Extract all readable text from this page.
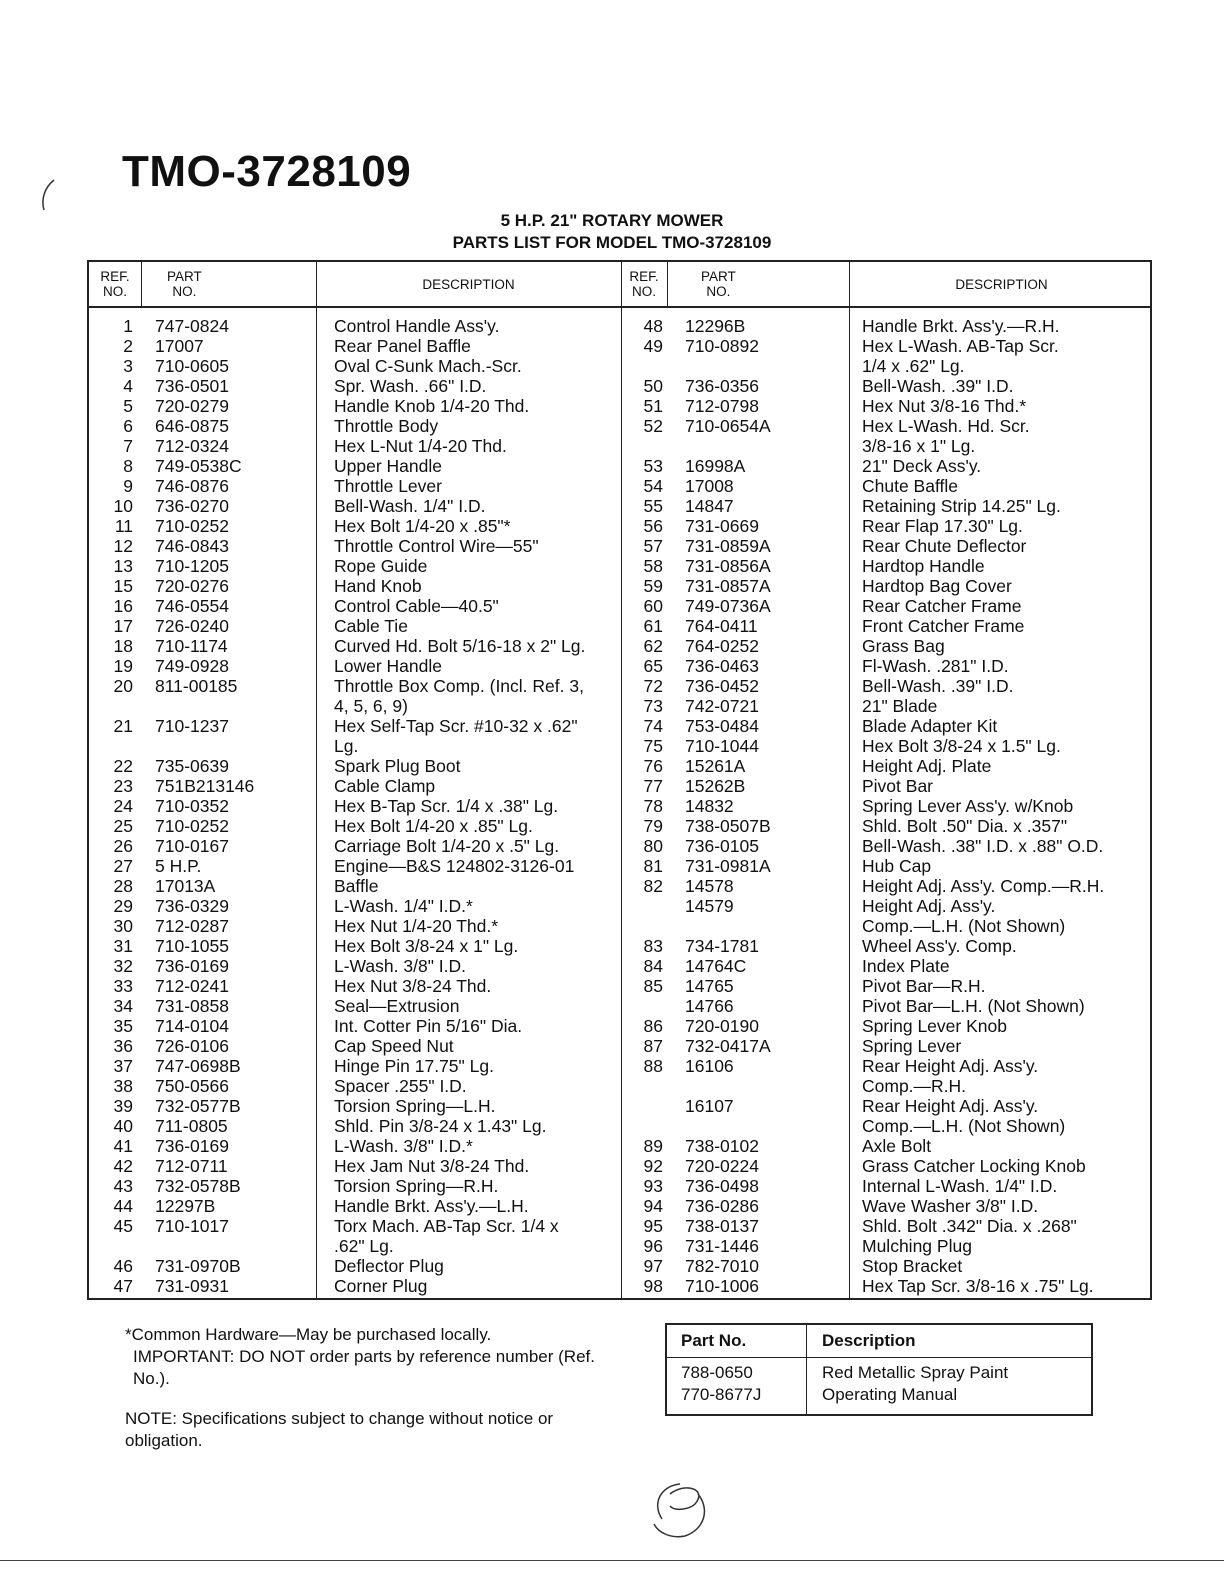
TMO-3728109
5 H.P. 21" ROTARY MOWER
PARTS LIST FOR MODEL TMO-3728109
REF.
NO.
PART
NO.	DESCRIPTION	REF.
NO.
PART
NO.	DESCRIPTION
1 747-0824	Control Handle Ass'y.
2 17007	Rear Panel Baffle
3 710-0605	Oval C-Sunk Mach.-Scr.
4 736-0501	Spr. Wash. .66" I.D.
5 720-0279	Handle Knob 1/4-20 Thd.
6 646-0875	Throttle Body
7 712-0324	Hex L-Nut 1/4-20 Thd.
8 749-0538C	Upper Handle
9 746-0876	Throttle Lever
10 736-0270	Bell-Wash. 1/4" I.D.
11 710-0252	Hex Bolt 1/4-20 x .85"*
12 746-0843	Throttle Control Wire—55"
13 710-1205	Rope Guide
15 720-0276	Hand Knob
16 746-0554	Control Cable—40.5"
17 726-0240	Cable Tie
18 710-1174	Curved Hd. Bolt 5/16-18 x 2" Lg.
19 749-0928	Lower Handle
20 811-00185	Throttle Box Comp. (Incl. Ref. 3,
4, 5, 6, 9)
21 710-1237	Hex Self-Tap Scr. #10-32 x .62"
Lg.
22 735-0639	Spark Plug Boot
23 751B213146	Cable Clamp
24 710-0352	Hex B-Tap Scr. 1/4 x .38" Lg.
25 710-0252	Hex Bolt 1/4-20 x .85" Lg.
26 710-0167	Carriage Bolt 1/4-20 x .5" Lg.
27 5 H.P.	Engine—B&S 124802-3126-01
28 17013A	Baffle
29 736-0329	L-Wash. 1/4" I.D.*
30 712-0287	Hex Nut 1/4-20 Thd.*
31 710-1055	Hex Bolt 3/8-24 x 1" Lg.
32 736-0169	L-Wash. 3/8" I.D.
33 712-0241	Hex Nut 3/8-24 Thd.
34 731-0858	Seal—Extrusion
35 714-0104	Int. Cotter Pin 5/16" Dia.
36 726-0106	Cap Speed Nut
37 747-0698B	Hinge Pin 17.75" Lg.
38 750-0566	Spacer .255" I.D.
39 732-0577B	Torsion Spring—L.H.
40 711-0805	Shld. Pin 3/8-24 x 1.43" Lg.
41 736-0169	L-Wash. 3/8" I.D.*
42 712-0711	Hex Jam Nut 3/8-24 Thd.
43 732-0578B	Torsion Spring—R.H.
44 12297B	Handle Brkt. Ass'y.—L.H.
45 710-1017	Torx Mach. AB-Tap Scr. 1/4 x
.62" Lg.
46 731-0970B	Deflector Plug
47 731-0931	Corner Plug
48 12296B	Handle Brkt. Ass'y.—R.H.
49 710-0892	Hex L-Wash. AB-Tap Scr.
1/4 x .62" Lg.
50 736-0356	Bell-Wash. .39" I.D.
51 712-0798	Hex Nut 3/8-16 Thd.*
52 710-0654A	Hex L-Wash. Hd. Scr.
3/8-16 x 1" Lg.
53 16998A	21" Deck Ass'y.
54 17008	Chute Baffle
55 14847	Retaining Strip 14.25" Lg.
56 731-0669	Rear Flap 17.30" Lg.
57 731-0859A	Rear Chute Deflector
58 731-0856A	Hardtop Handle
59 731-0857A	Hardtop Bag Cover
60 749-0736A	Rear Catcher Frame
61 764-0411	Front Catcher Frame
62 764-0252	Grass Bag
65 736-0463	Fl-Wash. .281" I.D.
72 736-0452	Bell-Wash. .39" I.D.
73 742-0721	21" Blade
74 753-0484	Blade Adapter Kit
75 710-1044	Hex Bolt 3/8-24 x 1.5" Lg.
76 15261A	Height Adj. Plate
77 15262B	Pivot Bar
78 14832	Spring Lever Ass'y. w/Knob
79 738-0507B	Shld. Bolt .50" Dia. x .357"
80 736-0105	Bell-Wash. .38" I.D. x .88" O.D.
81 731-0981A	Hub Cap
82 14578	Height Adj. Ass'y. Comp.—R.H.
14579	Height Adj. Ass'y.
Comp.—L.H. (Not Shown)
83 734-1781	Wheel Ass'y. Comp.
84 14764C	Index Plate
85 14765	Pivot Bar—R.H.
14766	Pivot Bar—L.H. (Not Shown)
86 720-0190	Spring Lever Knob
87 732-0417A	Spring Lever
88 16106	Rear Height Adj. Ass'y.
Comp.—R.H.
16107	Rear Height Adj. Ass'y.
Comp.—L.H. (Not Shown)
89 738-0102	Axle Bolt
92 720-0224	Grass Catcher Locking Knob
93 736-0498	Internal L-Wash. 1/4" I.D.
94 736-0286	Wave Washer 3/8" I.D.
95 738-0137	Shld. Bolt .342" Dia. x .268"
96 731-1446	Mulching Plug
97 782-7010	Stop Bracket
98 710-1006	Hex Tap Scr. 3/8-16 x .75" Lg.
*Common Hardware—May be purchased locally.
IMPORTANT: DO NOT order parts by reference number (Ref. No.).
NOTE: Specifications subject to change without notice or obligation.
Part No.	Description
788-0650	Red Metallic Spray Paint
770-8677J	Operating Manual
